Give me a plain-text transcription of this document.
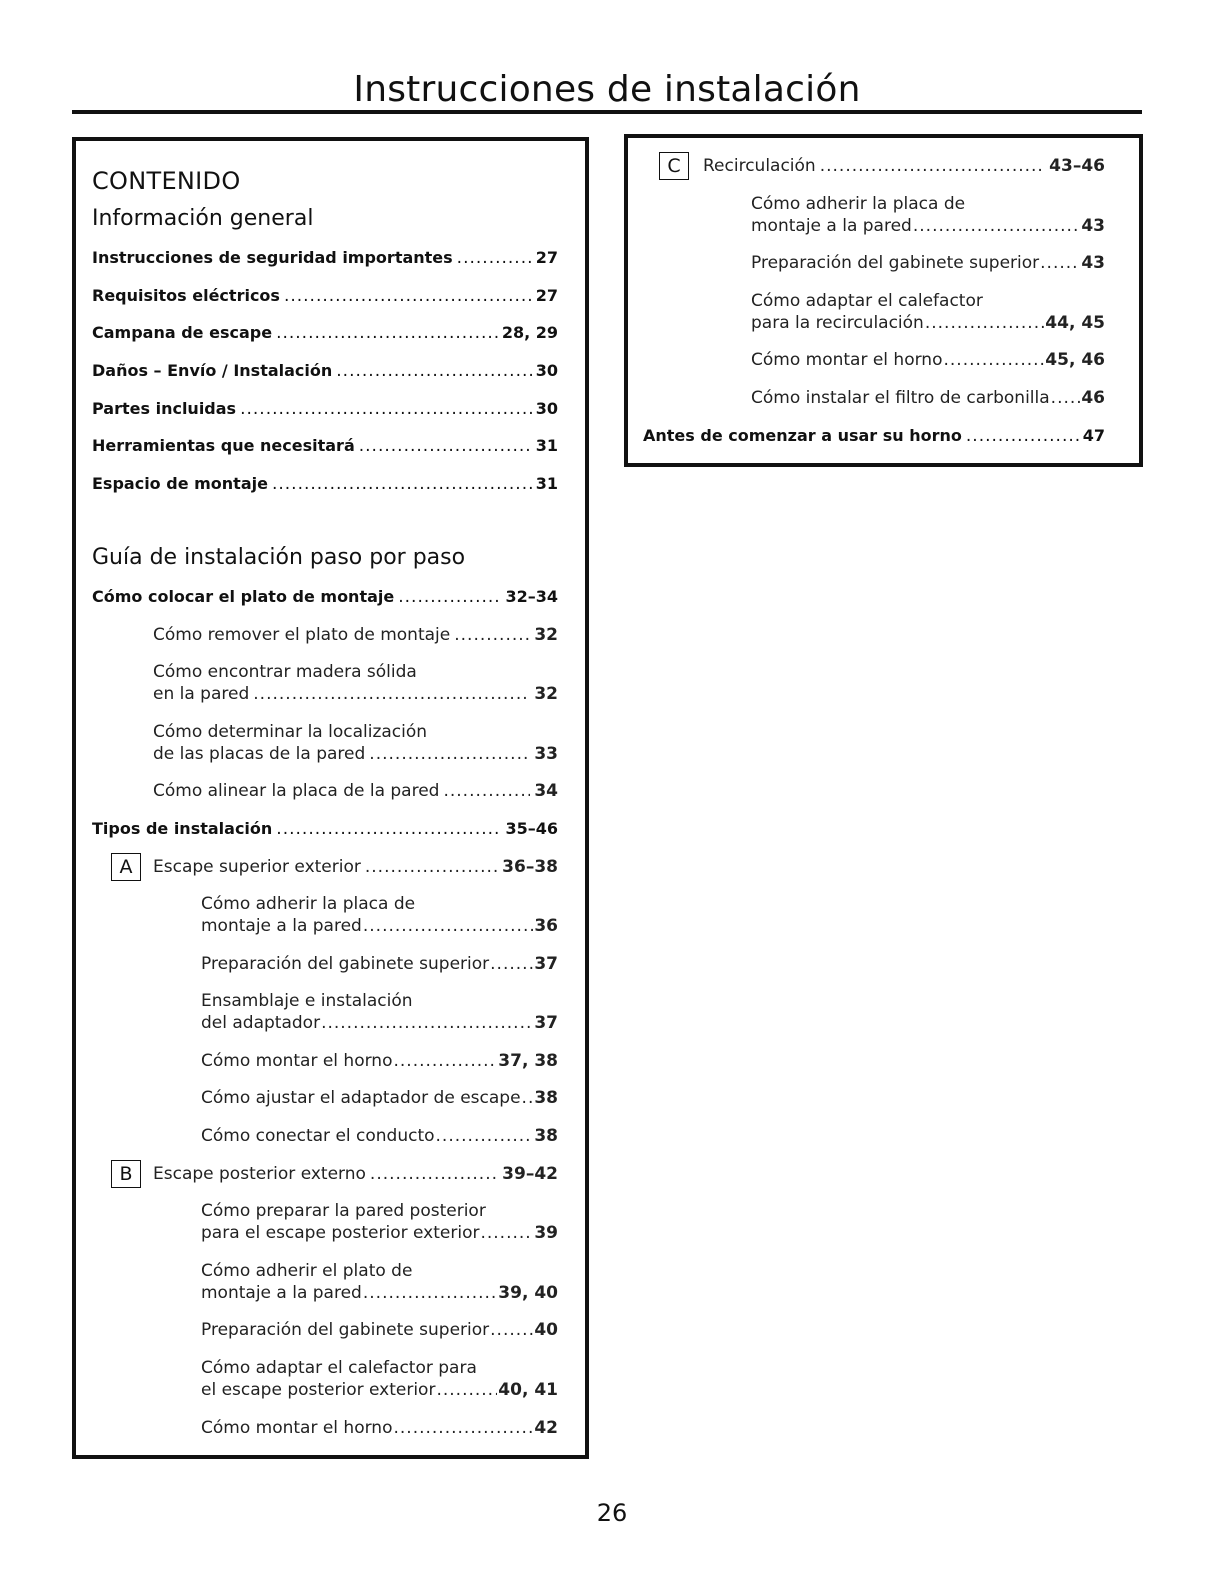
Instrucciones de instalación
CONTENIDO
Información general
Instrucciones de seguridad importantes .....	27
Requisitos eléctricos .....	27
Campana de escape .....	28, 29
Daños – Envío / Instalación .....	30
Partes incluidas .....	30
Herramientas que necesitará .....	31
Espacio de montaje .....	31
Guía de instalación paso por paso
Cómo colocar el plato de montaje .....	32–34
Cómo remover el plato de montaje .....	32
Cómo encontrar madera sólida
en la pared .....	32
Cómo determinar la localización
de las placas de la pared .....	33
Cómo alinear la placa de la pared .....	34
Tipos de instalación .....	35–46
A	Escape superior exterior .....	36–38
Cómo adherir la placa de
montaje a la pared .....	36
Preparación del gabinete superior .....	37
Ensamblaje e instalación
del adaptador .....	37
Cómo montar el horno .....	37, 38
Cómo ajustar el adaptador de escape ..... 38
Cómo conectar el conducto .....	38
B	Escape posterior externo .....	39–42
Cómo preparar la pared posterior
para el escape posterior exterior .....	39
Cómo adherir el plato de
montaje a la pared .....	39, 40
Preparación del gabinete superior .....	40
Cómo adaptar el calefactor para
el escape posterior exterior .....	40, 41
Cómo montar el horno .....	42
C	Recirculación .....	43–46
Cómo adherir la placa de
montaje a la pared .....	43
Preparación del gabinete superior ..... 43
Cómo adaptar el calefactor
para la recirculación .....	44, 45
Cómo montar el horno .....	45, 46
Cómo instalar el filtro de carbonilla ..... 46
Antes de comenzar a usar su horno .....	47
26
